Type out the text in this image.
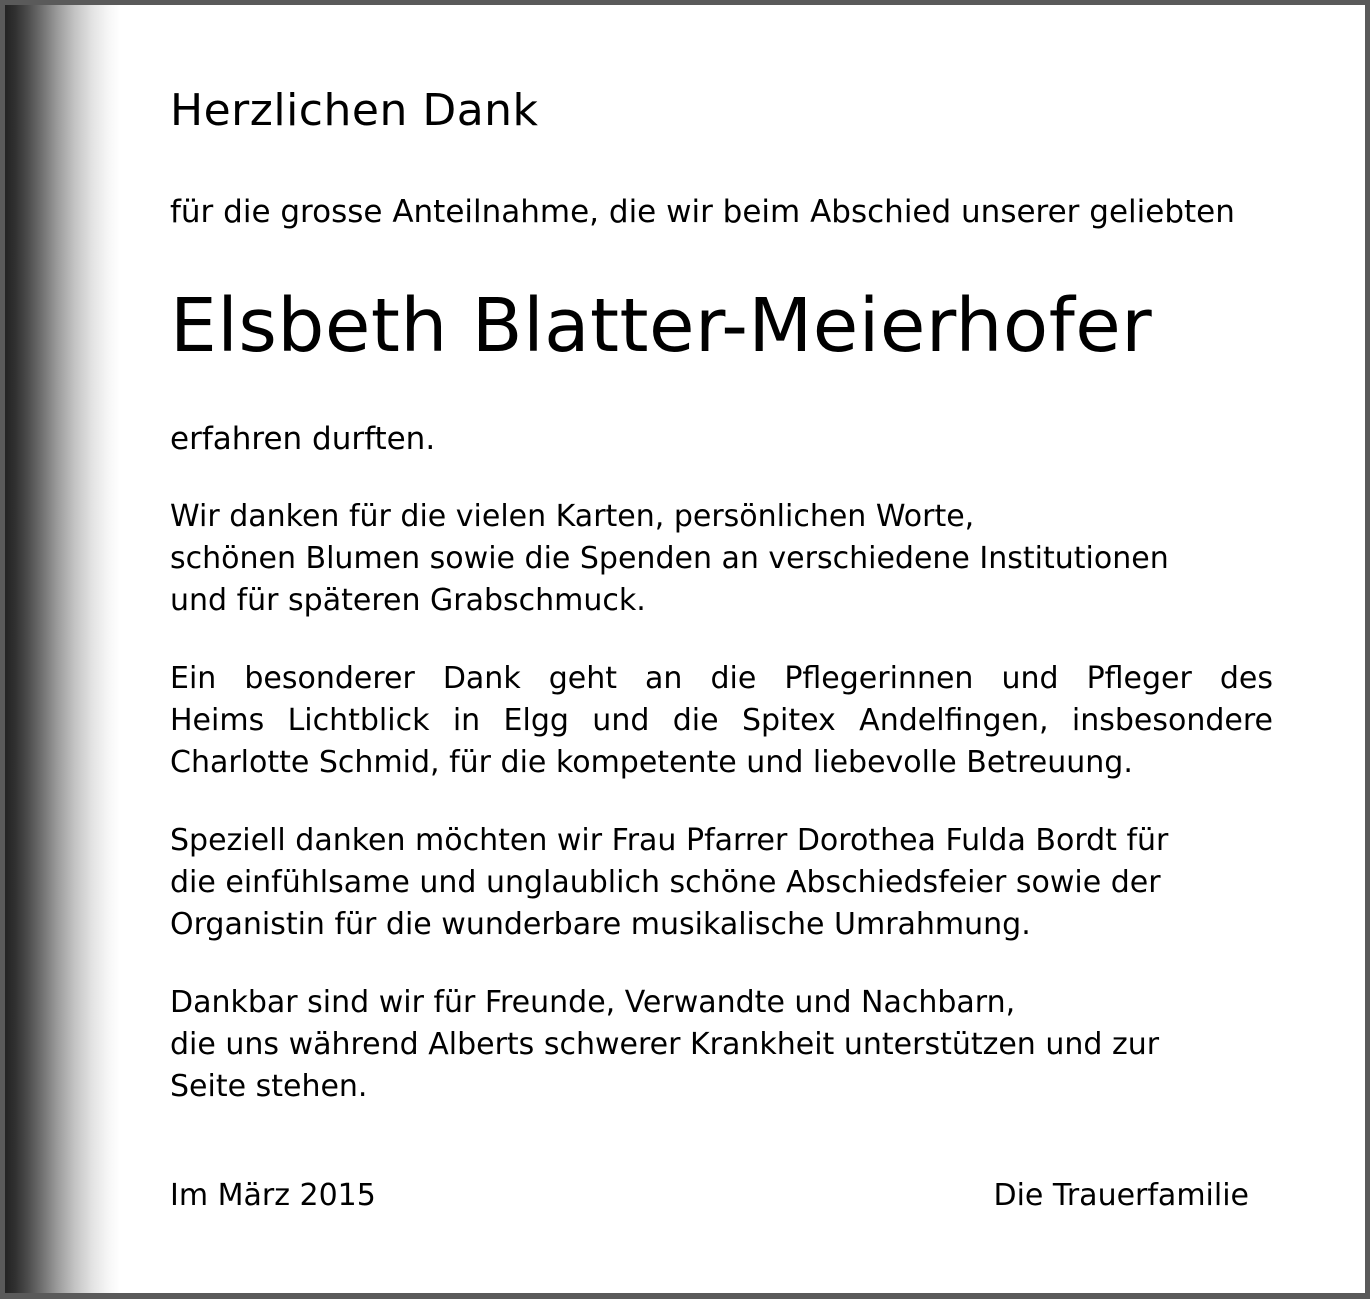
Herzlichen Dank

für die grosse Anteilnahme, die wir beim Abschied unserer geliebten

Elsbeth Blatter-Meierhofer

erfahren durften.

Wir danken für die vielen Karten, persönlichen Worte,
schönen Blumen sowie die Spenden an verschiedene Institutionen
und für späteren Grabschmuck.

Ein besonderer Dank geht an die Pflegerinnen und Pfleger des
Heims Lichtblick in Elgg und die Spitex Andelfingen, insbesondere
Charlotte Schmid, für die kompetente und liebevolle Betreuung.

Speziell danken möchten wir Frau Pfarrer Dorothea Fulda Bordt für
die einfühlsame und unglaublich schöne Abschiedsfeier sowie der
Organistin für die wunderbare musikalische Umrahmung.

Dankbar sind wir für Freunde, Verwandte und Nachbarn,
die uns während Alberts schwerer Krankheit unterstützen und zur
Seite stehen.

Im März 2015	Die Trauerfamilie
